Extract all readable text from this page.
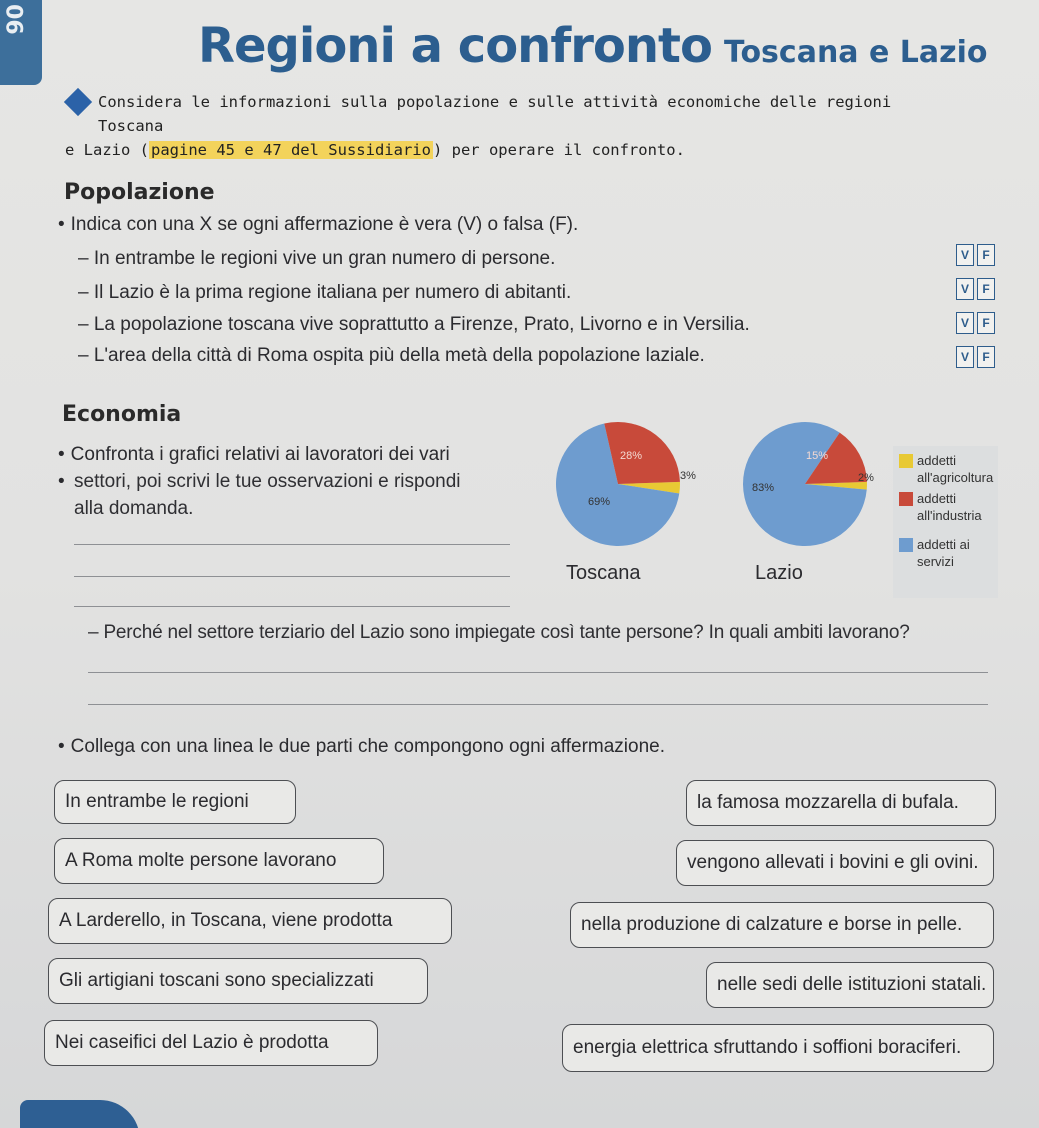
90	Regioni a confronto Toscana e Lazio
Considera le informazioni sulla popolazione e sulle attività economiche delle regioni Toscana
e Lazio ( pagine 45 e 47 del Sussidiario ) per operare il confronto.
Popolazione
• Indica con una X se ogni affermazione è vera (V) o falsa (F).
– In entrambe le regioni vive un gran numero di persone.	V	F
– Il Lazio è la prima regione italiana per numero di abitanti.	V	F
– La popolazione toscana vive soprattutto a Firenze, Prato, Livorno e in Versilia.	V	F
– L'area della città di Roma ospita più della metà della popolazione laziale.	V	F
Economia
• Confronta i grafici relativi ai lavoratori dei vari
•
settori, poi scrivi le tue osservazioni e rispondi
alla domanda.
Toscana	Lazio
28%
3%
69%
15%
2%
83%
addetti all'agricoltura
addetti all'industria
addetti ai servizi
– Perché nel settore terziario del Lazio sono impiegate così tante persone? In quali ambiti lavorano?
• Collega con una linea le due parti che compongono ogni affermazione.
In entrambe le regioni
A Roma molte persone lavorano
A Larderello, in Toscana, viene prodotta
Gli artigiani toscani sono specializzati
Nei caseifici del Lazio è prodotta
la famosa mozzarella di bufala.
vengono allevati i bovini e gli ovini.
nella produzione di calzature e borse in pelle.
nelle sedi delle istituzioni statali.
energia elettrica sfruttando i soffioni boraciferi.
